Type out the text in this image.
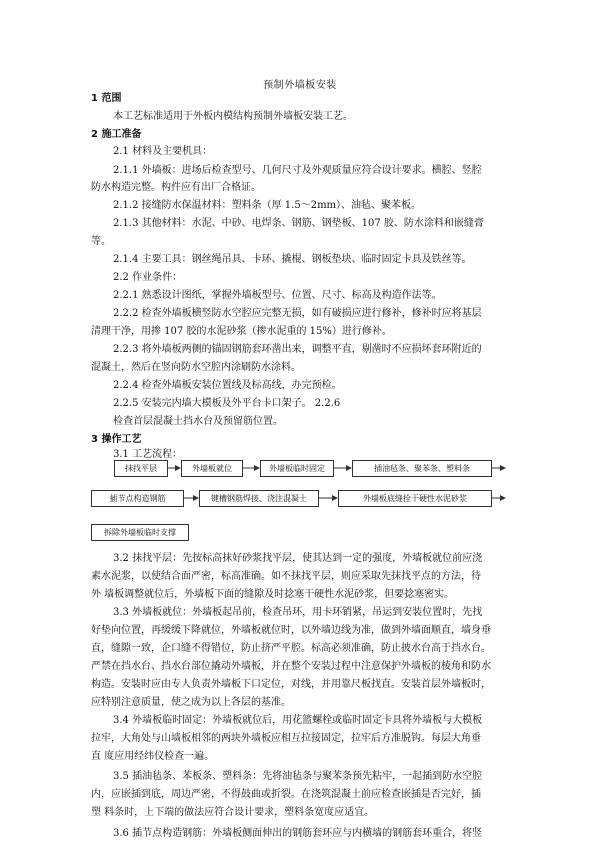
预制外墙板安装
1 范围
本工艺标准适用于外板内模结构预制外墙板安装工艺。
2 施工准备
2.1 材料及主要机具：
2.1.1 外墙板：进场后检查型号、几何尺寸及外观质量应符合设计要求。横腔、竖腔
防水构造完整。构件应有出厂合格证。
2.1.2 接缝防水保温材料：塑料条（厚 1.5～2mm）、油毡、聚苯板。
2.1.3 其他材料：水泥、中砂、电焊条、钢筋、钢垫板、107 胶、防水涂料和嵌缝膏
等。
2.1.4 主要工具：钢丝绳吊具、卡环、撬棍、钢板垫块、临时固定卡具及铁丝等。
2.2 作业条件：
2.2.1 熟悉设计图纸，掌握外墙板型号、位置、尺寸、标高及构造作法等。
2.2.2 检查外墙板横竖防水空腔应完整无损，如有破损应进行修补，修补时应将基层
清理干净，用掺 107 胶的水泥砂浆（掺水泥重的 15%）进行修补。
2.2.3 将外墙板两侧的锚固钢筋套环凿出来，调整平直，剔凿时不应损坏套环附近的
混凝土，然后在竖向防水空腔内涂刷防水涂料。
2.2.4 检查外墙板安装位置线及标高线，办完预检。
2.2.5 安装完内墙大模板及外平台卡口架子。 2.2.6
检查首层混凝土挡水台及预留筋位置。
3 操作工艺
3.1 工艺流程：
抹找平层	外墙板就位	外墙板临时固定	插油毡条、聚苯条、塑料条
插节点构造钢筋	键槽钢筋焊接、浇注混凝土	外墙板底缝拴干硬性水泥砂浆
拆除外墙板临时支撑
3.2 抹找平层：先按标高抹好砂浆找平层，使其达到一定的强度，外墙板就位前应浇
素水泥浆，以使结合面严密，标高准确。如不抹找平层，则应采取先抹找平点的方法，待
外 墙板调整就位后，外墙板下面的缝隙及时捻塞干硬性水泥砂浆，但要捻塞密实。
3.3 外墙板就位：外墙板起吊前，检查吊环，用卡环销紧，吊运到安装位置时，先找
好垫向位置，再缓缓下降就位，外墙板就位时，以外墙边线为准，做到外墙面顺直，墙身垂
直，缝隙一致，企口缝不得错位，防止挤严平腔。标高必须准确，防止披水台高于挡水台。
严禁在挡水台、挡水台部位撬动外墙板，并在整个安装过程中注意保护外墙板的棱角和防水
构造。安装时应由专人负责外墙板下口定位，对线，并用靠尺板找直。安装首层外墙板时，
应特别注意质量，使之成为以上各层的基准。
3.4 外墙板临时固定：外墙板就位后，用花篮螺栓或临时固定卡具将外墙板与大模板
拉牢，大角处与山墙板相邻的两块外墙板应相互拉接固定，拉牢后方准脱钩。每层大角垂
直 度应用经纬仪检查一遍。
3.5 插油毡条、苯板条、塑料条：先将油毡条与聚苯条预先粘牢，一起插到防水空腔
内，应嵌插到底，周边严密，不得鼓曲或折裂。在浇筑混凝土前应检查嵌插是否完好，插
塑 料条时，上下端的做法应符合设计要求，塑料条宽度应适宜。
3.6 插节点构造钢筋：外墙板侧面伸出的钢筋套环应与内横墙的钢筋套环重合，将竖
